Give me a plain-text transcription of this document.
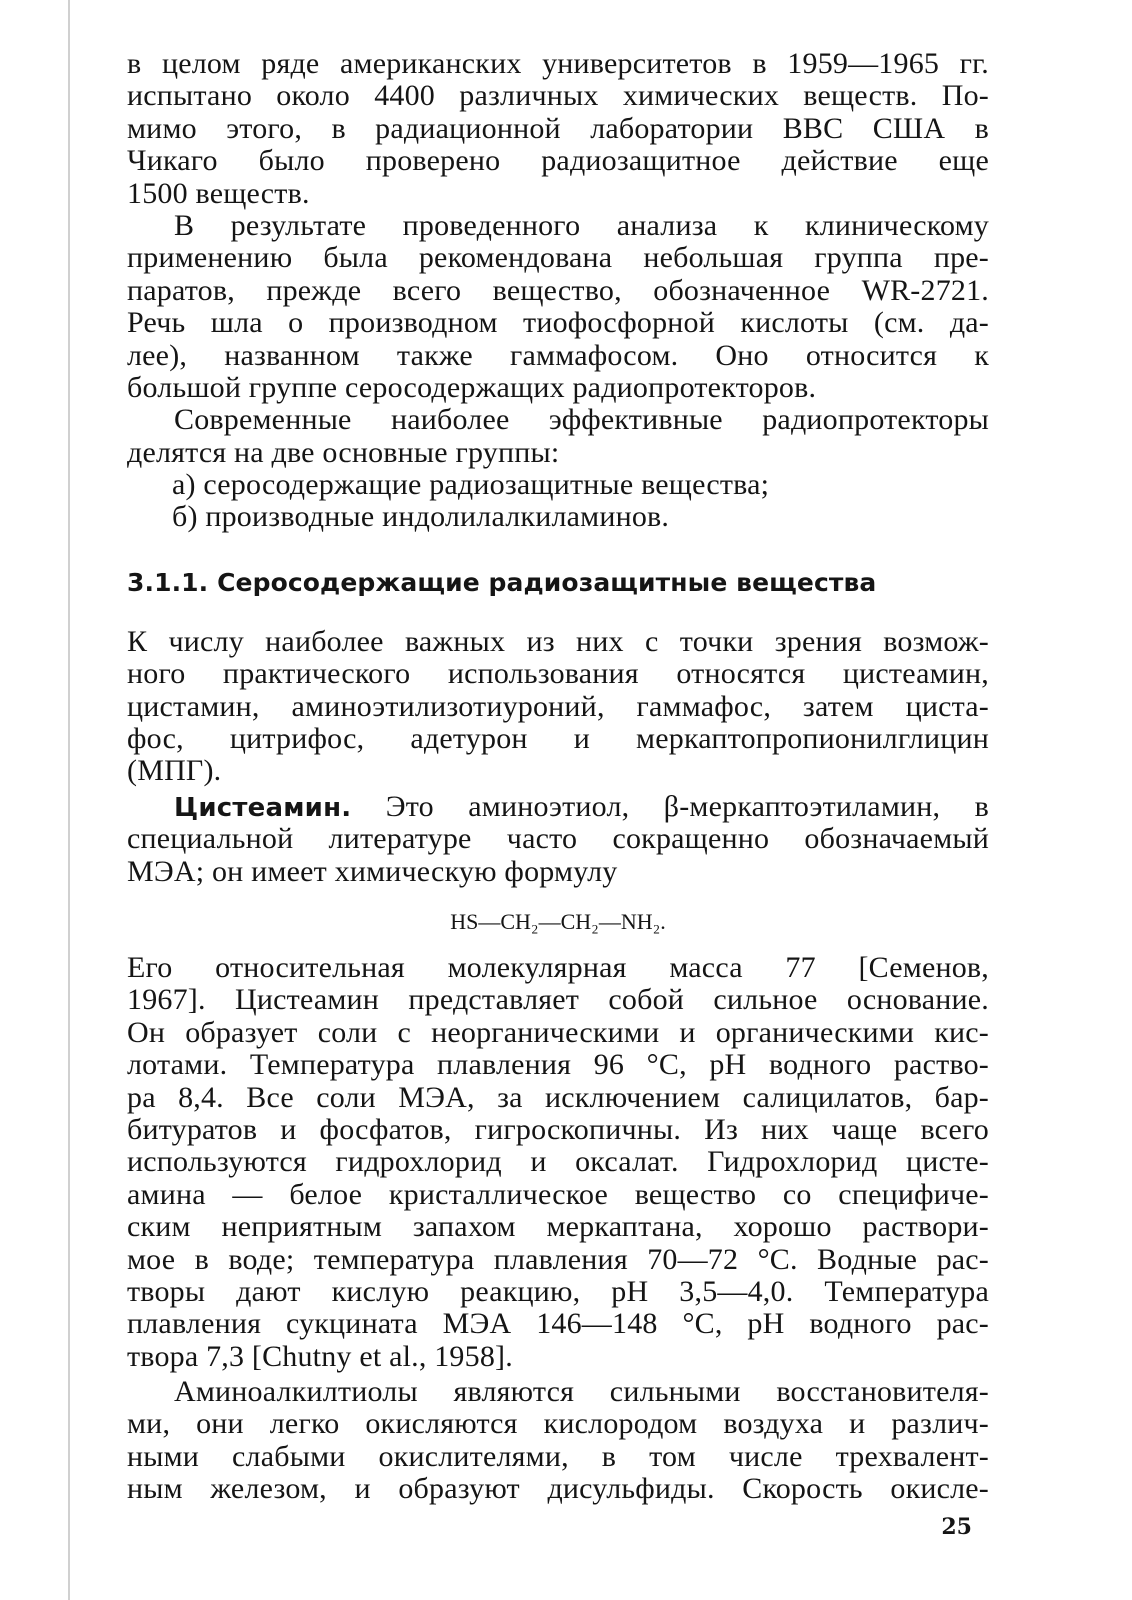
в целом ряде американских университетов в 1959—1965 гг.
испытано около 4400 различных химических веществ. По-
мимо этого, в радиационной лаборатории ВВС США в
Чикаго было проверено радиозащитное действие еще
1500 веществ.
В результате проведенного анализа к клиническому
применению была рекомендована небольшая группа пре-
паратов, прежде всего вещество, обозначенное WR-2721.
Речь шла о производном тиофосфорной кислоты (см. да-
лее), названном также гаммафосом. Оно относится к
большой группе серосодержащих радиопротекторов.
Современные наиболее эффективные радиопротекторы
делятся на две основные группы:
а) серосодержащие радиозащитные вещества;
б) производные индолилалкиламинов.
3.1.1. Серосодержащие радиозащитные вещества
К числу наиболее важных из них с точки зрения возмож-
ного практического использования относятся цистеамин,
цистамин, аминоэтилизотиуроний, гаммафос, затем циста-
фос, цитрифос, адетурон и меркаптопропионилглицин
(МПГ).
Цистеамин. Это аминоэтиол, β-меркаптоэтиламин, в
специальной литературе часто сокращенно обозначаемый
МЭА; он имеет химическую формулу
HS—CH₂—CH₂—NH₂.
Его относительная молекулярная масса 77 [Семенов,
1967]. Цистеамин представляет собой сильное основание.
Он образует соли с неорганическими и органическими кис-
лотами. Температура плавления 96 °С, рН водного раство-
ра 8,4. Все соли МЭА, за исключением салицилатов, бар-
битуратов и фосфатов, гигроскопичны. Из них чаще всего
используются гидрохлорид и оксалат. Гидрохлорид цисте-
амина — белое кристаллическое вещество со специфиче-
ским неприятным запахом меркаптана, хорошо раствори-
мое в воде; температура плавления 70—72 °С. Водные рас-
творы дают кислую реакцию, рН 3,5—4,0. Температура
плавления сукцината МЭА 146—148 °С, рН водного рас-
твора 7,3 [Chutny et al., 1958].
Аминоалкилтиолы являются сильными восстановителя-
ми, они легко окисляются кислородом воздуха и различ-
ными слабыми окислителями, в том числе трехвалент-
ным железом, и образуют дисульфиды. Скорость окисле-
25
